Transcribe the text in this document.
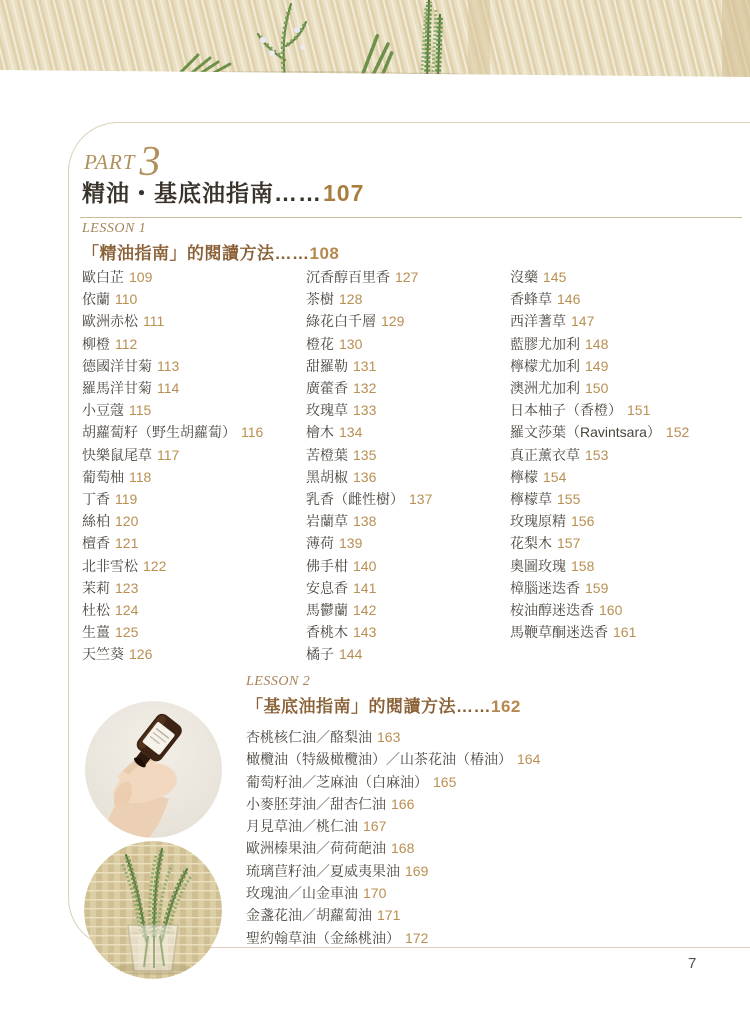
PART3
精油・基底油指南……107
LESSON 1
「精油指南」的閱讀方法……108
歐白芷 109
依蘭 110
歐洲赤松 111
柳橙 112
德國洋甘菊 113
羅馬洋甘菊 114
小豆蔻 115
胡蘿蔔籽（野生胡蘿蔔） 116
快樂鼠尾草 117
葡萄柚 118
丁香 119
絲柏 120
檀香 121
北非雪松 122
茉莉 123
杜松 124
生薑 125
天竺葵 126
沉香醇百里香 127
茶樹 128
綠花白千層 129
橙花 130
甜羅勒 131
廣藿香 132
玫瑰草 133
檜木 134
苦橙葉 135
黑胡椒 136
乳香（雌性樹） 137
岩蘭草 138
薄荷 139
佛手柑 140
安息香 141
馬鬱蘭 142
香桃木 143
橘子 144
沒藥 145
香蜂草 146
西洋蓍草 147
藍膠尤加利 148
檸檬尤加利 149
澳洲尤加利 150
日本柚子（香橙） 151
羅文莎葉（Ravintsara） 152
真正薰衣草 153
檸檬 154
檸檬草 155
玫瑰原精 156
花梨木 157
奧圖玫瑰 158
樟腦迷迭香 159
桉油醇迷迭香 160
馬鞭草酮迷迭香 161
LESSON 2
「基底油指南」的閱讀方法……162
杏桃核仁油／酪梨油 163
橄欖油（特級橄欖油）／山茶花油（椿油） 164
葡萄籽油／芝麻油（白麻油） 165
小麥胚芽油／甜杏仁油 166
月見草油／桃仁油 167
歐洲榛果油／荷荷葩油 168
琉璃苣籽油／夏威夷果油 169
玫瑰油／山金車油 170
金盞花油／胡蘿蔔油 171
聖約翰草油（金絲桃油） 172
7
